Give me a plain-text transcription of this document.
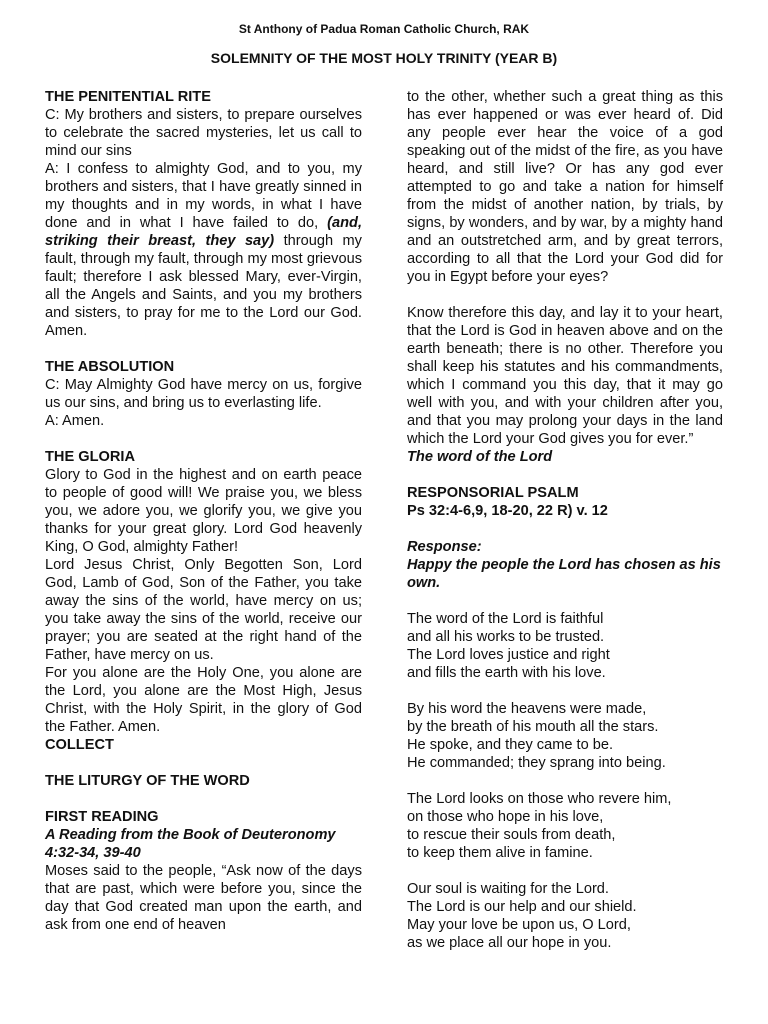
St Anthony of Padua Roman Catholic Church, RAK
SOLEMNITY OF THE MOST HOLY TRINITY (YEAR B)

THE PENITENTIAL RITE

C: My brothers and sisters, to prepare ourselves to celebrate the sacred mysteries, let us call to mind our sins

A: I confess to almighty God, and to you, my brothers and sisters, that I have greatly sinned in my thoughts and in my words, in what I have done and in what I have failed to do, (and, striking their breast, they say) through my fault, through my fault, through my most grievous fault; therefore I ask blessed Mary, ever-Virgin, all the Angels and Saints, and you my brothers and sisters, to pray for me to the Lord our God. Amen.

THE ABSOLUTION

C: May Almighty God have mercy on us, forgive us our sins, and bring us to everlasting life.

A: Amen.

THE GLORIA

Glory to God in the highest and on earth peace to people of good will! We praise you, we bless you, we adore you, we glorify you, we give you thanks for your great glory. Lord God heavenly King, O God, almighty Father!

Lord Jesus Christ, Only Begotten Son, Lord God, Lamb of God, Son of the Father, you take away the sins of the world, have mercy on us; you take away the sins of the world, receive our prayer; you are seated at the right hand of the Father, have mercy on us.

For you alone are the Holy One, you alone are the Lord, you alone are the Most High, Jesus Christ, with the Holy Spirit, in the glory of God the Father. Amen.

COLLECT

THE LITURGY OF THE WORD

FIRST READING

A Reading from the Book of Deuteronomy 4:32-34, 39-40

Moses said to the people, “Ask now of the days that are past, which were before you, since the day that God created man upon the earth, and ask from one end of heaven

to the other, whether such a great thing as this has ever happened or was ever heard of. Did any people ever hear the voice of a god speaking out of the midst of the fire, as you have heard, and still live? Or has any god ever attempted to go and take a nation for himself from the midst of another nation, by trials, by signs, by wonders, and by war, by a mighty hand and an outstretched arm, and by great terrors, according to all that the Lord your God did for you in Egypt before your eyes?

Know therefore this day, and lay it to your heart, that the Lord is God in heaven above and on the earth beneath; there is no other. Therefore you shall keep his statutes and his commandments, which I command you this day, that it may go well with you, and with your children after you, and that you may prolong your days in the land which the Lord your God gives you for ever.”

The word of the Lord

RESPONSORIAL PSALM

Ps 32:4-6,9, 18-20, 22 R) v. 12

Response:

Happy the people the Lord has chosen as his own.

The word of the Lord is faithful

and all his works to be trusted.

The Lord loves justice and right

and fills the earth with his love.

By his word the heavens were made,

by the breath of his mouth all the stars.

He spoke, and they came to be.

He commanded; they sprang into being.

The Lord looks on those who revere him,

on those who hope in his love,

to rescue their souls from death,

to keep them alive in famine.

Our soul is waiting for the Lord.

The Lord is our help and our shield.

May your love be upon us, O Lord,

as we place all our hope in you.
